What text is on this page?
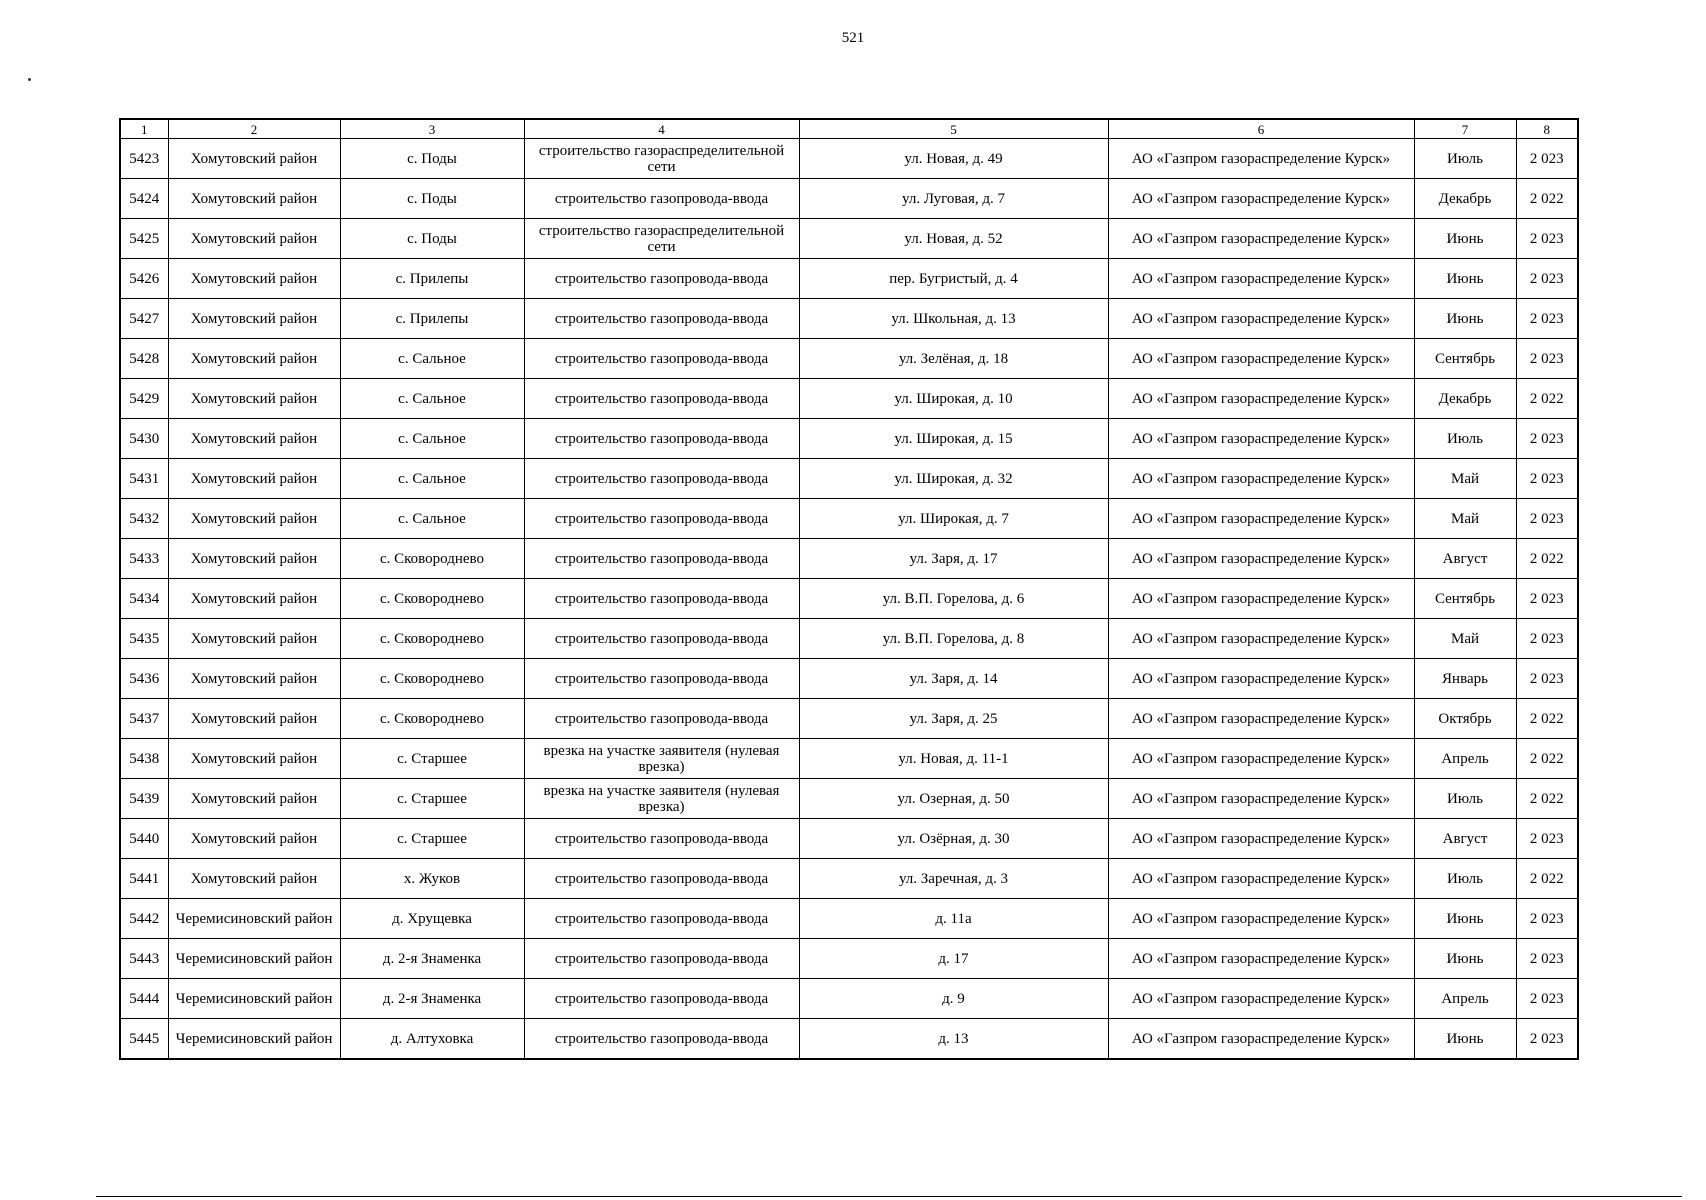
521
1	2	3	4	5	6	7	8
5423	Хомутовский район	с. Поды	строительство газораспределительной сети	ул. Новая, д. 49	АО «Газпром газораспределение Курск»	Июль	2 023
5424	Хомутовский район	с. Поды	строительство газопровода-ввода	ул. Луговая, д. 7	АО «Газпром газораспределение Курск»	Декабрь	2 022
5425	Хомутовский район	с. Поды	строительство газораспределительной сети	ул. Новая, д. 52	АО «Газпром газораспределение Курск»	Июнь	2 023
5426	Хомутовский район	с. Прилепы	строительство газопровода-ввода	пер. Бугристый, д. 4	АО «Газпром газораспределение Курск»	Июнь	2 023
5427	Хомутовский район	с. Прилепы	строительство газопровода-ввода	ул. Школьная, д. 13	АО «Газпром газораспределение Курск»	Июнь	2 023
5428	Хомутовский район	с. Сальное	строительство газопровода-ввода	ул. Зелёная, д. 18	АО «Газпром газораспределение Курск»	Сентябрь	2 023
5429	Хомутовский район	с. Сальное	строительство газопровода-ввода	ул. Широкая, д. 10	АО «Газпром газораспределение Курск»	Декабрь	2 022
5430	Хомутовский район	с. Сальное	строительство газопровода-ввода	ул. Широкая, д. 15	АО «Газпром газораспределение Курск»	Июль	2 023
5431	Хомутовский район	с. Сальное	строительство газопровода-ввода	ул. Широкая, д. 32	АО «Газпром газораспределение Курск»	Май	2 023
5432	Хомутовский район	с. Сальное	строительство газопровода-ввода	ул. Широкая, д. 7	АО «Газпром газораспределение Курск»	Май	2 023
5433	Хомутовский район	с. Сковороднево	строительство газопровода-ввода	ул. Заря, д. 17	АО «Газпром газораспределение Курск»	Август	2 022
5434	Хомутовский район	с. Сковороднево	строительство газопровода-ввода	ул. В.П. Горелова, д. 6	АО «Газпром газораспределение Курск»	Сентябрь	2 023
5435	Хомутовский район	с. Сковороднево	строительство газопровода-ввода	ул. В.П. Горелова, д. 8	АО «Газпром газораспределение Курск»	Май	2 023
5436	Хомутовский район	с. Сковороднево	строительство газопровода-ввода	ул. Заря, д. 14	АО «Газпром газораспределение Курск»	Январь	2 023
5437	Хомутовский район	с. Сковороднево	строительство газопровода-ввода	ул. Заря, д. 25	АО «Газпром газораспределение Курск»	Октябрь	2 022
5438	Хомутовский район	с. Старшее	врезка на участке заявителя (нулевая врезка)	ул. Новая, д. 11-1	АО «Газпром газораспределение Курск»	Апрель	2 022
5439	Хомутовский район	с. Старшее	врезка на участке заявителя (нулевая врезка)	ул. Озерная, д. 50	АО «Газпром газораспределение Курск»	Июль	2 022
5440	Хомутовский район	с. Старшее	строительство газопровода-ввода	ул. Озёрная, д. 30	АО «Газпром газораспределение Курск»	Август	2 023
5441	Хомутовский район	х. Жуков	строительство газопровода-ввода	ул. Заречная, д. 3	АО «Газпром газораспределение Курск»	Июль	2 022
5442	Черемисиновский район	д. Хрущевка	строительство газопровода-ввода	д. 11а	АО «Газпром газораспределение Курск»	Июнь	2 023
5443	Черемисиновский район	д. 2-я Знаменка	строительство газопровода-ввода	д. 17	АО «Газпром газораспределение Курск»	Июнь	2 023
5444	Черемисиновский район	д. 2-я Знаменка	строительство газопровода-ввода	д. 9	АО «Газпром газораспределение Курск»	Апрель	2 023
5445	Черемисиновский район	д. Алтуховка	строительство газопровода-ввода	д. 13	АО «Газпром газораспределение Курск»	Июнь	2 023
